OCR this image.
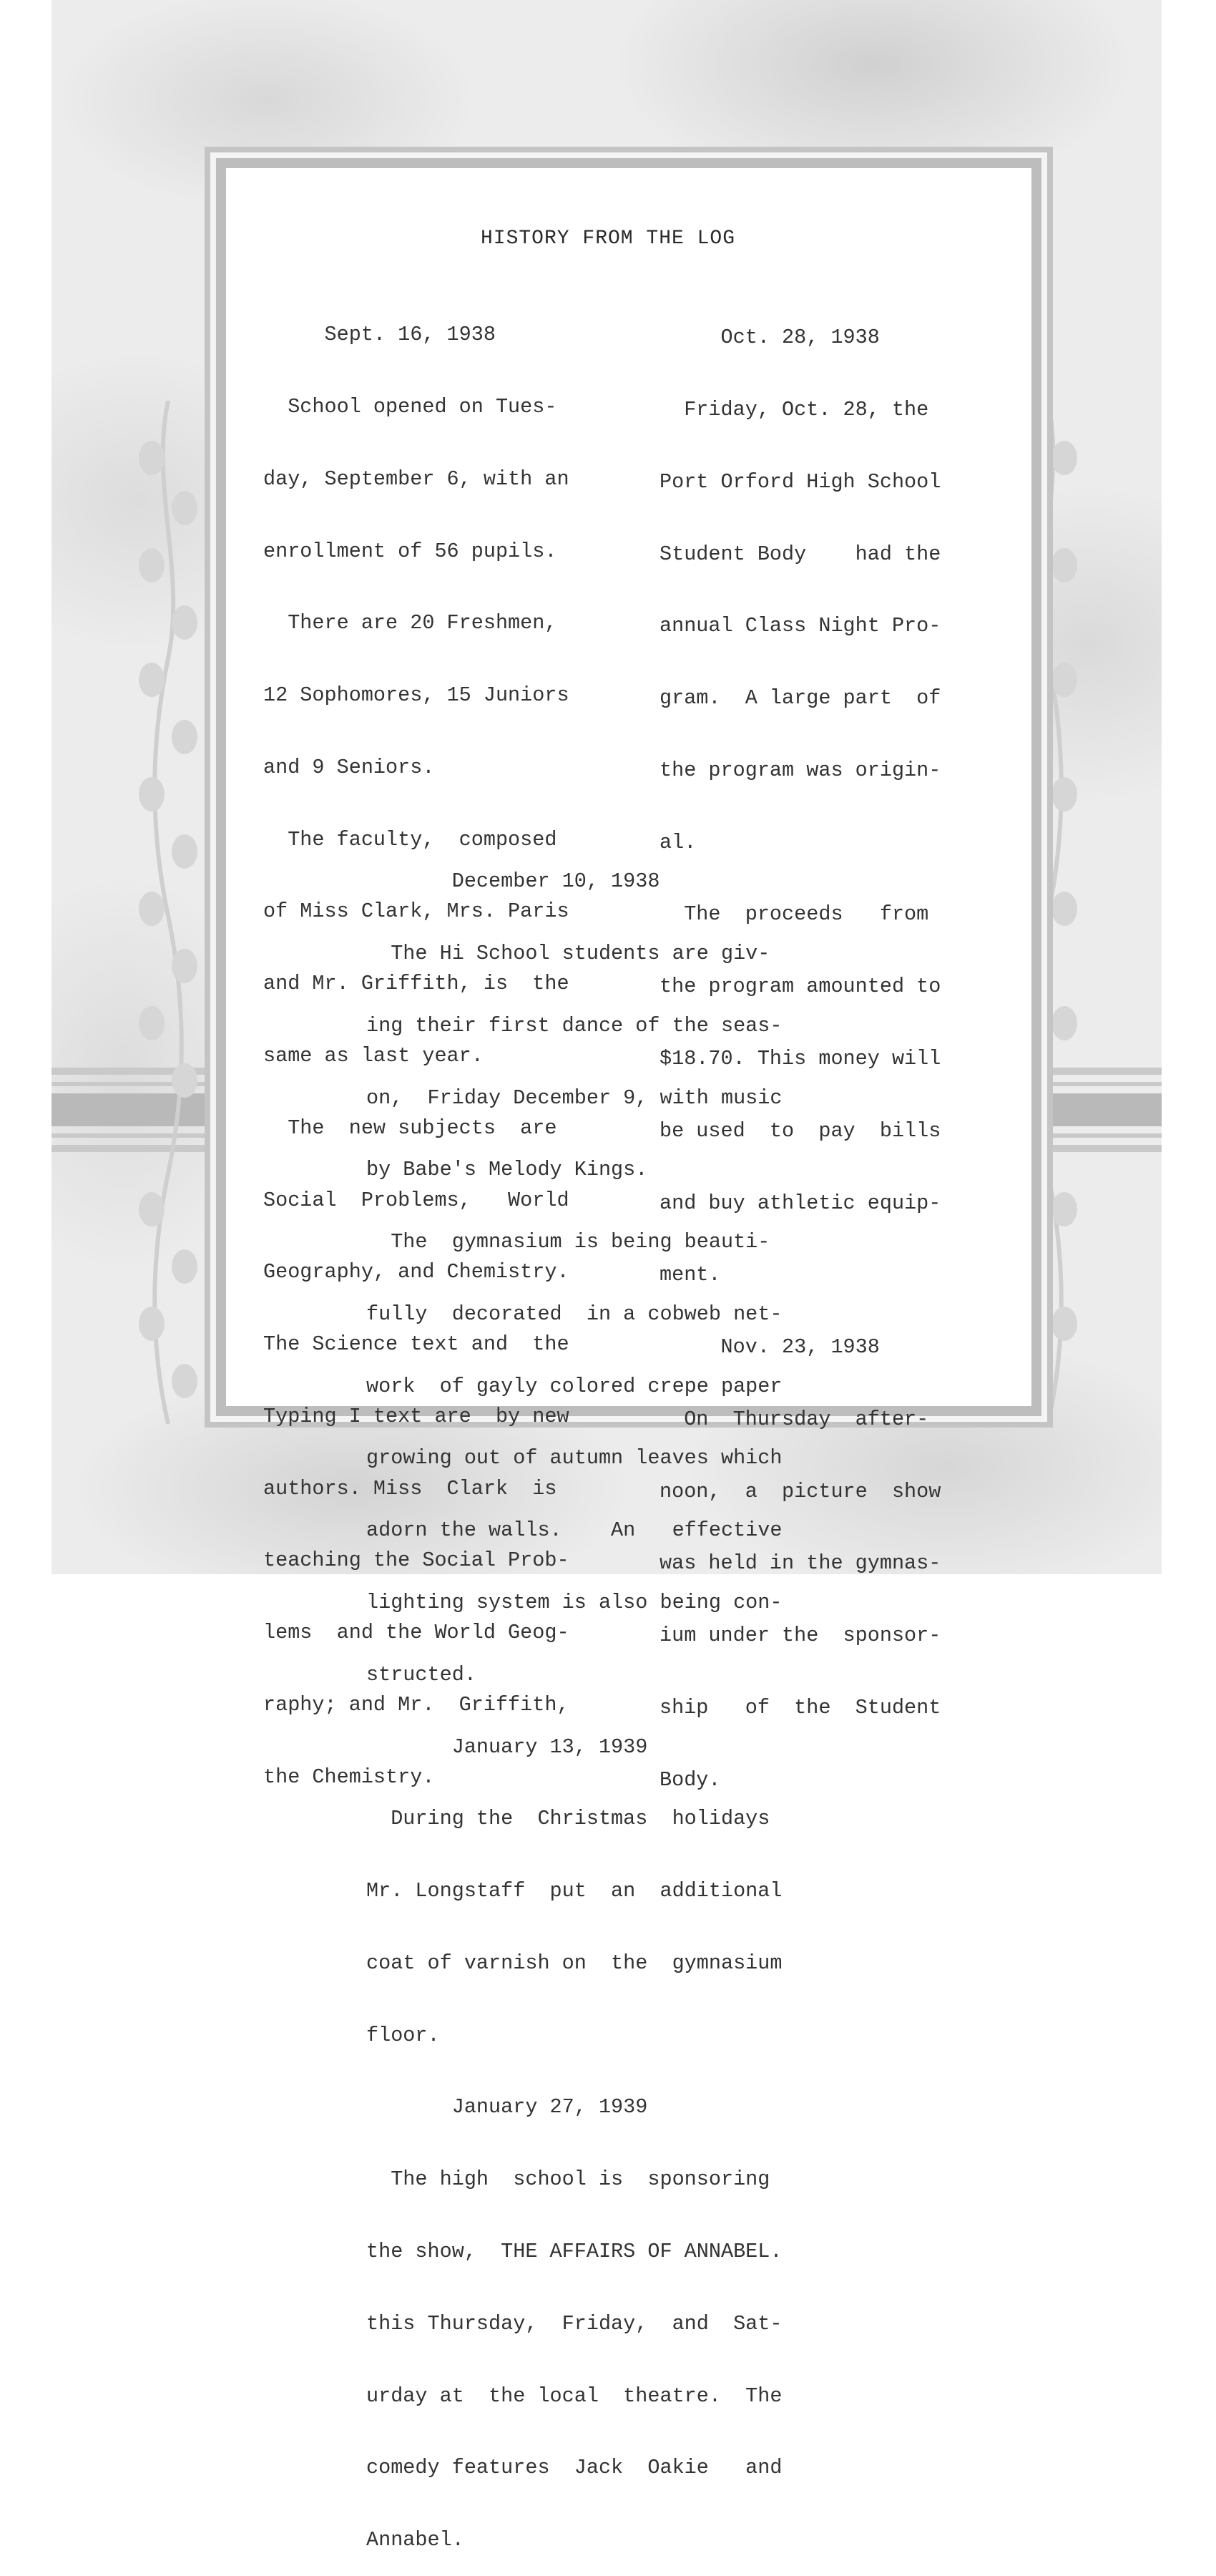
HISTORY FROM THE LOG

Sept. 16, 1938

School opened on Tues-

day, September 6, with an

enrollment of 56 pupils.

There are 20 Freshmen,

12 Sophomores, 15 Juniors

and 9 Seniors.

The faculty,  composed

of Miss Clark, Mrs. Paris

and Mr. Griffith, is  the

same as last year.

The  new subjects  are

Social  Problems,   World

Geography, and Chemistry.

The Science text and  the

Typing I text are  by new

authors. Miss  Clark  is

teaching the Social Prob-

lems  and the World Geog-

raphy; and Mr.  Griffith,

the Chemistry.

Oct. 28, 1938

Friday, Oct. 28, the

Port Orford High School

Student Body    had the

annual Class Night Pro-

gram.  A large part  of

the program was origin-

al.

The  proceeds   from

the program amounted to

$18.70. This money will

be used  to  pay  bills

and buy athletic equip-

ment.

Nov. 23, 1938

On  Thursday  after-

noon,  a  picture  show

was held in the gymnas-

ium under the  sponsor-

ship   of  the  Student

Body.

December 10, 1938

The Hi School students are giv-

ing their first dance of the seas-

on,  Friday December 9, with music

by Babe's Melody Kings.

The  gymnasium is being beauti-

fully  decorated  in a cobweb net-

work  of gayly colored crepe paper

growing out of autumn leaves which

adorn the walls.    An   effective

lighting system is also being con-

structed.

January 13, 1939

During the  Christmas  holidays

Mr. Longstaff  put  an  additional

coat of varnish on  the  gymnasium

floor.

January 27, 1939

The high  school is  sponsoring

the show,  THE AFFAIRS OF ANNABEL.

this Thursday,  Friday,  and  Sat-

urday at  the local  theatre.  The

comedy features  Jack  Oakie   and

Annabel.
